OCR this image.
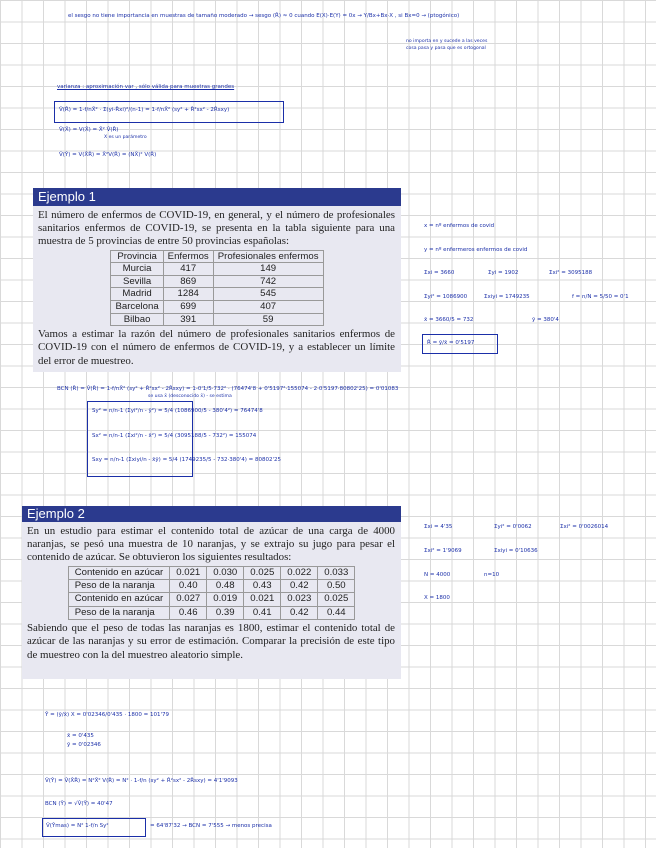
el sesgo no tiene importancia en muestras de tamaño moderado → sesgo (R̂) ≈ 0 cuando E(X)·E(Y) = 0x → Y/Bx+Bx·X , si Bx=0 → (ptogónico)
no importa en y sucede a las veces
cosa pasa y pasa que es ortogonal
varianza : aproximación var , sólo válida para muestras grandes
V̂(R̂) = 1-f/nX̄² · Σ(yi-R̂xi)²/(n-1) = 1-f/nX̄² (sy² + R̂²sx² - 2R̂sxy)
V̂(X̂) = V(X̂) = X̄² V̂(R̂)
X es un parámetro
V̂(Ŷ) = V(X̂R̂) = X̄²V(R̂) = (NX̄)² V(R̂)
Ejemplo 1
El número de enfermos de COVID-19, en general, y el número de profesionales sanitarios enfermos de COVID-19, se presenta en la tabla siguiente para una muestra de 5 provincias de entre 50 provincias españolas:
Provincia	Enfermos	Profesionales enfermos
Murcia	417	149
Sevilla	869	742
Madrid	1284	545
Barcelona	699	407
Bilbao	391	59
Vamos a estimar la razón del número de profesionales sanitarios enfermos de COVID-19 con el número de enfermos de COVID-19, y a establecer un límite del error de muestreo.
x = nº enfermos de covid
y = nº enfermeros enfermos de covid
Σxi = 3660	Σyi = 1902	Σxi² = 3095188
Σyi² = 1086900	Σxiyi = 1749235	f = n/N = 5/50 = 0'1
x̄ = 3660/5 = 732	ȳ = 380'4
R̂ = ȳ/x̄ = 0'5197
BCN (R̂) = V̂(R̂) = 1-f/nX̄² (sy² + R̂²sx² - 2R̂sxy) = 1-0'1/5·732² · (76474'8 + 0'5197²·155074 - 2·0'5197·80802'25) = 0'01083
se usa x̄ (desconocido x̄) - se estima
Sy² = n/n-1 (Σyi²/n - ȳ²) = 5/4 (1086900/5 - 380'4²) = 76474'8
Sx² = n/n-1 (Σxi²/n - x̄²) = 5/4 (3095188/5 - 732²) = 155074
Sxy = n/n-1 (Σxiyi/n - x̄ȳ) = 5/4 (1749235/5 - 732·380'4) = 80802'25
Ejemplo 2
En un estudio para estimar el contenido total de azúcar de una carga de 4000 naranjas, se pesó una muestra de 10 naranjas, y se extrajo su jugo para pesar el contenido de azúcar. Se obtuvieron los siguientes resultados:
Contenido en azúcar	0.021	0.030	0.025	0.022	0.033
Peso de la naranja	0.40	0.48	0.43	0.42	0.50
Contenido en azúcar	0.027	0.019	0.021	0.023	0.025
Peso de la naranja	0.46	0.39	0.41	0.42	0.44
Sabiendo que el peso de todas las naranjas es 1800, estimar el contenido total de azúcar de las naranjas y su error de estimación. Comparar la precisión de este tipo de muestreo con la del muestreo aleatorio simple.
Σxi = 4'35	Σyi² = 0'0062	Σxi² = 0'0026014
Σxi² = 1'9069	Σxiyi = 0'10636
N = 4000	n=10
X = 1800
Ŷ = (ȳ/x̄) X = 0'02346/0'435 · 1800 = 101'79
x̄ = 0'435
ȳ = 0'02346
V̂(Ŷ) = V̂(X̂R̂) = N²X̄² V(R̂) = N² · 1-f/n (sy² + R̂²sx² - 2R̂sxy) = 4'1'9093
BCN (Ŷ) = √V̂(Ŷ) = 40'47
V̂(Ŷmas) = N² 1-f/n Sy²	= 64'87'32 → BCN = 7'555 → menos precisa
